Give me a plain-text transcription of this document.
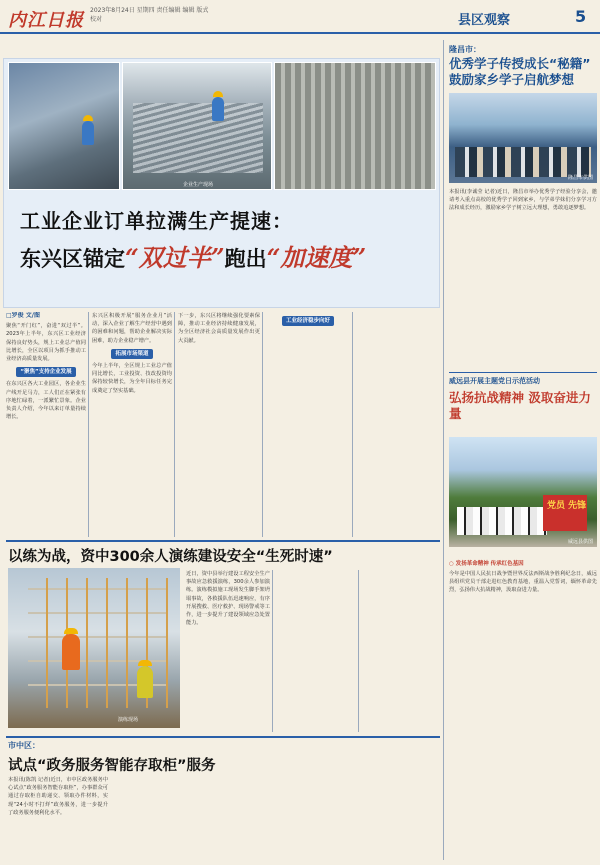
内江日报 2023年8月24日 星期四 责任编辑 编辑 版式 校对	县区观察	5
企业生产现场
工业企业订单拉满生产提速：
东兴区锚定“双过半”跑出“加速度”
□罗俊 文/图

聚焦“开门红”，奋进“双过半”。2023年上半年，东兴区工业经济保持良好势头，规上工业总产值同比增长，全区以项目为抓手推动工业经济高质量发展。

“聚焦”支持企业发展

在东兴区各大工业园区，各企业生产线开足马力，工人们正在紧张有序地忙碌着，一派繁忙景象。企业负责人介绍，今年以来订单量持续增长。

东兴区积极开展“服务企业月”活动，深入企业了解生产经营中遇到的困难和问题，帮助企业解决实际困难，助力企业稳产增产。

拓展市场渠道

今年上半年，全区规上工业总产值同比增长，工业投资、技改投资均保持较快增长，为全年目标任务完成奠定了坚实基础。

下一步，东兴区将继续强化要素保障，推动工业经济持续健康发展，为全区经济社会高质量发展作出更大贡献。

工业经济稳步向好
隆昌市：
优秀学子传授成长“秘籍” 鼓励家乡学子启航梦想
隆昌市供图

本报讯(李诚莹 记者)近日，隆昌市举办优秀学子经验分享会，邀请考入重点高校的优秀学子回到家乡，与学弟学妹们分享学习方法和成长经历，激励家乡学子树立远大理想，勇敢追逐梦想。

威远县开展主题党日示范活动
弘扬抗战精神 汲取奋进力量
党员 先锋
威远县供图
○ 发扬革命精神 传承红色基因

今年是中国人民抗日战争暨世界反法西斯战争胜利纪念日，威远县组织党员干部走进红色教育基地，重温入党誓词，缅怀革命先烈，弘扬伟大抗战精神，汲取奋进力量。

以练为战，资中300余人演练建设安全“生死时速”
演练现场

近日，资中县举行建设工程安全生产事故应急救援演练，300余人参加演练。演练模拟施工现场发生脚手架坍塌事故，各救援队伍迅速响应，有序开展搜救、医疗救护、现场警戒等工作，进一步提升了建设领域应急处置能力。

市中区：
试点“政务服务智能存取柜”服务

本报讯(陈凯 记者)近日，市中区政务服务中心试点“政务服务智能存取柜”，办事群众可通过存取柜自助递交、领取办件材料，实现“24小时不打烊”政务服务，进一步提升了政务服务便利化水平。
